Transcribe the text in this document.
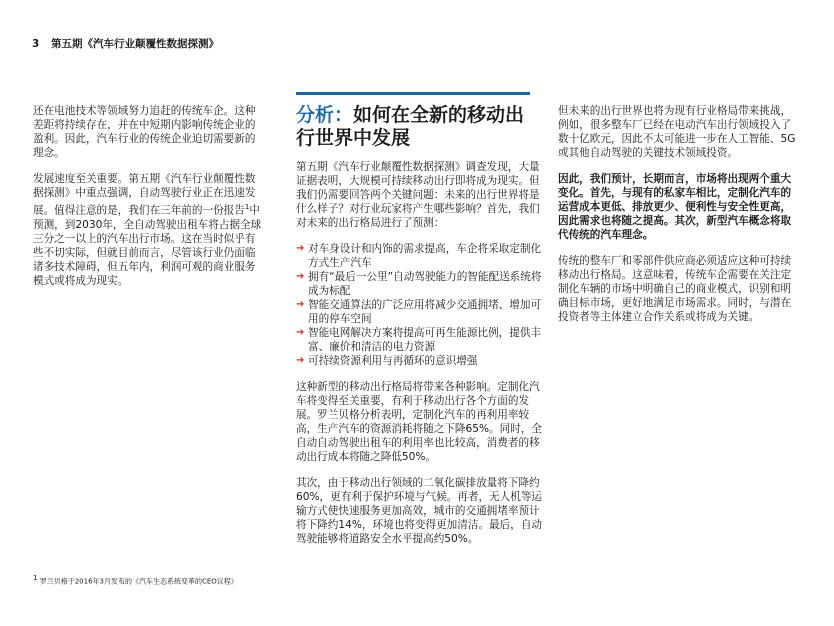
3 第五期《汽车行业颠覆性数据探测》

还在电池技术等领域努力追赶的传统车企。这种差距将持续存在，并在中短期内影响传统企业的盈利。因此，汽车行业的传统企业迫切需要新的理念。

发展速度至关重要。第五期《汽车行业颠覆性数据探测》中重点强调，自动驾驶行业正在迅速发展。值得注意的是，我们在三年前的一份报告$^1$中预测，到2030年，全自动驾驶出租车将占据全球三分之一以上的汽车出行市场。这在当时似乎有些不切实际，但就目前而言，尽管该行业仍面临诸多技术障碍，但五年内，利润可观的商业服务模式或将成为现实。

分析：如何在全新的移动出行世界中发展

第五期《汽车行业颠覆性数据探测》调查发现，大量证据表明，大规模可持续移动出行即将成为现实。但我们仍需要回答两个关键问题：未来的出行世界将是什么样子？对行业玩家将产生哪些影响？首先，我们对未来的出行格局进行了预测：

➔ 对车身设计和内饰的需求提高，车企将采取定制化方式生产汽车
➔ 拥有“最后一公里”自动驾驶能力的智能配送系统将成为标配
➔ 智能交通算法的广泛应用将减少交通拥堵、增加可用的停车空间
➔ 智能电网解决方案将提高可再生能源比例，提供丰富、廉价和清洁的电力资源
➔ 可持续资源利用与再循环的意识增强

这种新型的移动出行格局将带来各种影响。定制化汽车将变得至关重要，有利于移动出行各个方面的发展。罗兰贝格分析表明，定制化汽车的再利用率较高，生产汽车的资源消耗将随之下降65%。同时，全自动自动驾驶出租车的利用率也比较高，消费者的移动出行成本将随之降低50%。

其次，由于移动出行领域的二氧化碳排放量将下降约60%，更有利于保护环境与气候。再者，无人机等运输方式使快速服务更加高效，城市的交通拥堵率预计将下降约14%，环境也将变得更加清洁。最后，自动驾驶能够将道路安全水平提高约50%。

但未来的出行世界也将为现有行业格局带来挑战，例如，很多整车厂已经在电动汽车出行领域投入了数十亿欧元，因此不太可能进一步在人工智能、5G或其他自动驾驶的关键技术领域投资。

因此，我们预计，长期而言，市场将出现两个重大变化。首先，与现有的私家车相比，定制化汽车的运营成本更低、排放更少、便利性与安全性更高，因此需求也将随之提高。其次，新型汽车概念将取代传统的汽车理念。

传统的整车厂和零部件供应商必须适应这种可持续移动出行格局。这意味着，传统车企需要在关注定制化车辆的市场中明确自己的商业模式，识别和明确目标市场，更好地满足市场需求。同时，与潜在投资者等主体建立合作关系或将成为关键。

$^1$ 罗兰贝格于2016年3月发布的《汽车生态系统变革的CEO议程》
